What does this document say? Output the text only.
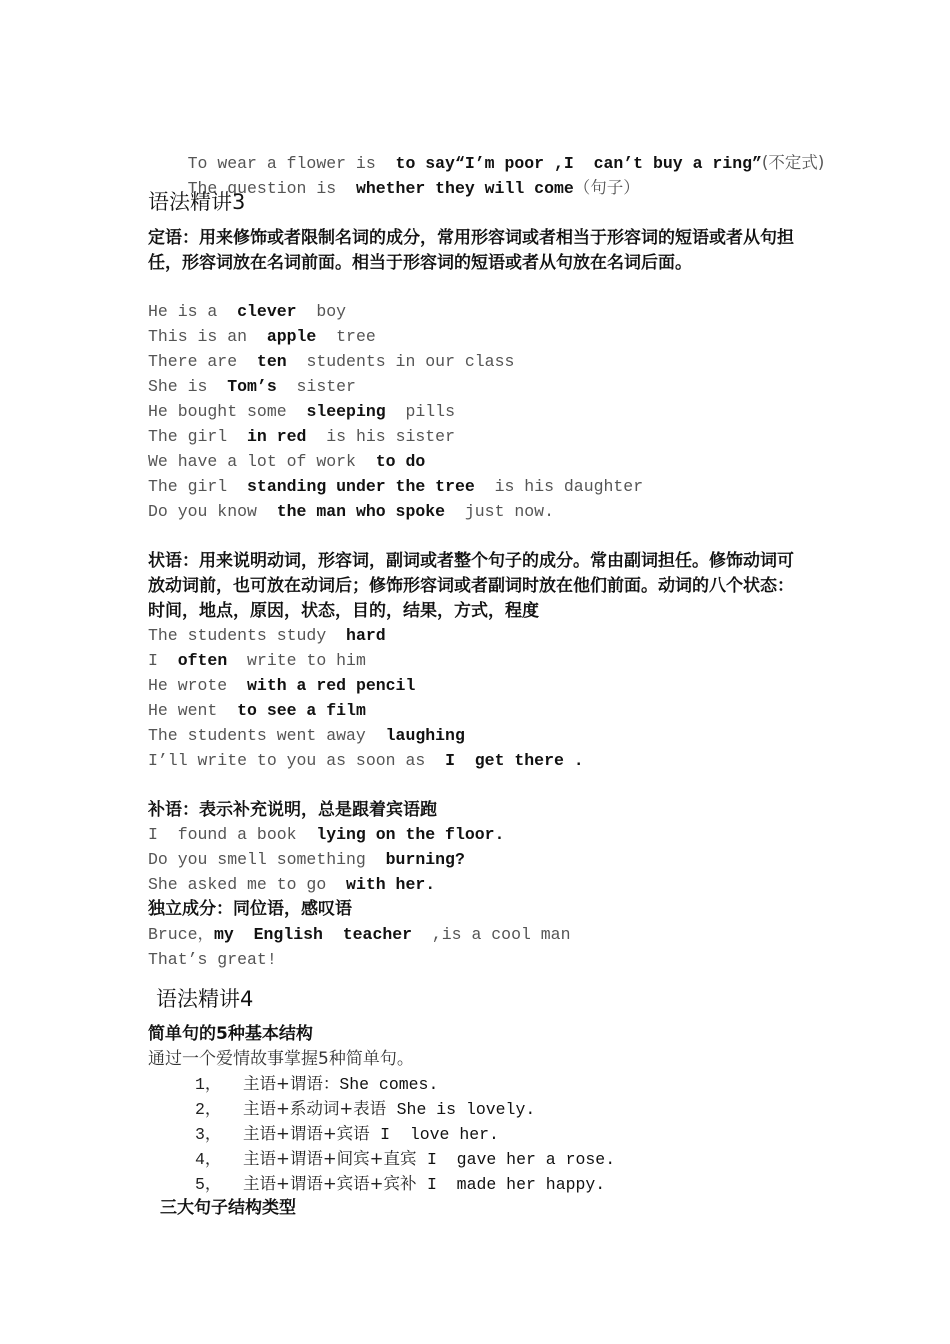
To wear a flower is  to say“I’m poor ,I  can’t buy a ring”(不定式)

The question is  whether they will come（句子）

语法精讲3
定语：用来修饰或者限制名词的成分，常用形容词或者相当于形容词的短语或者从句担任，形容词放在名词前面。相当于形容词的短语或者从句放在名词后面。
He is a  clever  boy
This is an  apple  tree
There are  ten  students in our class
She is  Tom’s  sister
He bought some  sleeping  pills
The girl  in red  is his sister
We have a lot of work  to do
The girl  standing under the tree  is his daughter
Do you know  the man who spoke  just now.
状语：用来说明动词，形容词，副词或者整个句子的成分。常由副词担任。修饰动词可放动词前，也可放在动词后；修饰形容词或者副词时放在他们前面。动词的八个状态：时间，地点，原因，状态，目的，结果，方式，程度
The students study  hard
I  often  write to him
He wrote  with a red pencil
He went  to see a film
The students went away  laughing
I’ll write to you as soon as  I  get there .
补语：表示补充说明，总是跟着宾语跑
I  found a book  lying on the floor.
Do you smell something  burning?
She asked me to go  with her.
独立成分：同位语，感叹语
Bruce，my  English  teacher  ,is a cool man
That’s great!
语法精讲4
简单句的5种基本结构
通过一个爱情故事掌握5种简单句。
1， 主语+谓语：She comes.
2， 主语+系动词+表语  She is lovely.
3， 主语+谓语+宾语  I  love her.
4， 主语+谓语+间宾+直宾  I  gave her a rose.
5， 主语+谓语+宾语+宾补  I  made her happy.
三大句子结构类型
